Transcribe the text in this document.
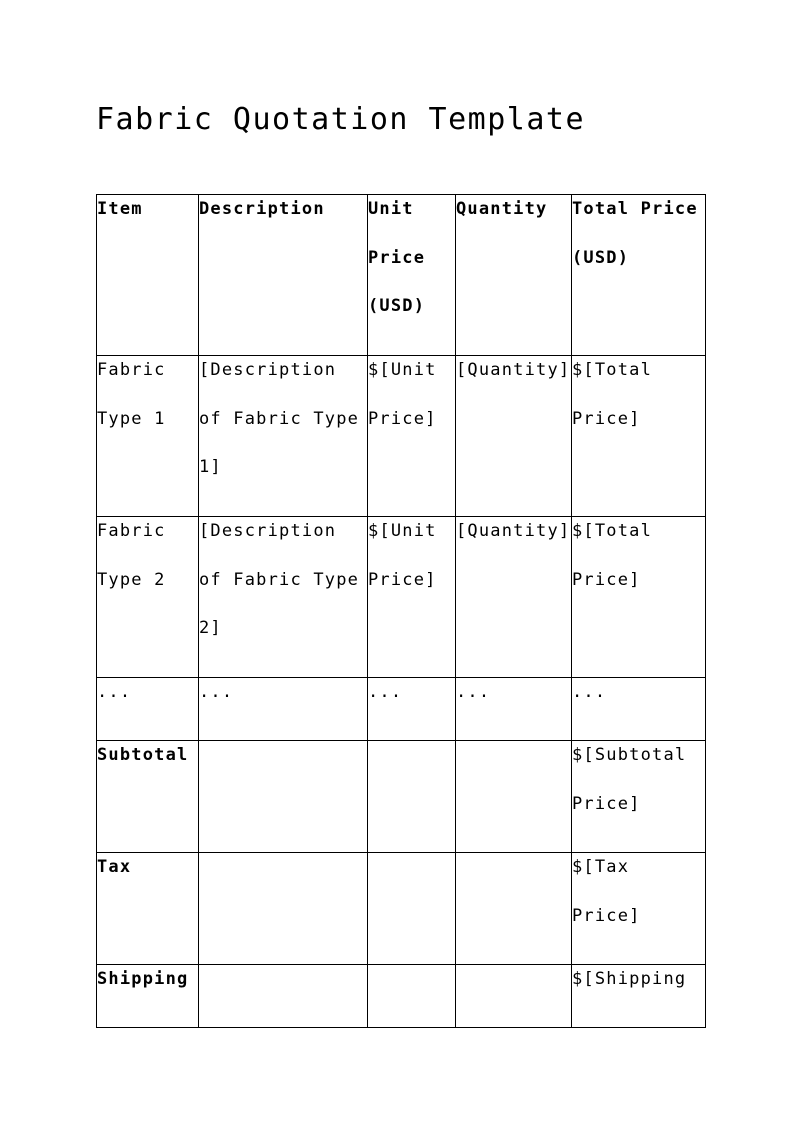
Fabric Quotation Template
Item	Description	Unit Price (USD)	Quantity	Total Price (USD)

Fabric Type 1	[Description of Fabric Type 1]	$[Unit Price]	[Quantity]	$[Total Price]

Fabric Type 2	[Description of Fabric Type 2]	$[Unit Price]	[Quantity]	$[Total Price]

...	...	...	...	...

Subtotal				$[Subtotal Price]

Tax				$[Tax Price]

Shipping				$[Shipping
